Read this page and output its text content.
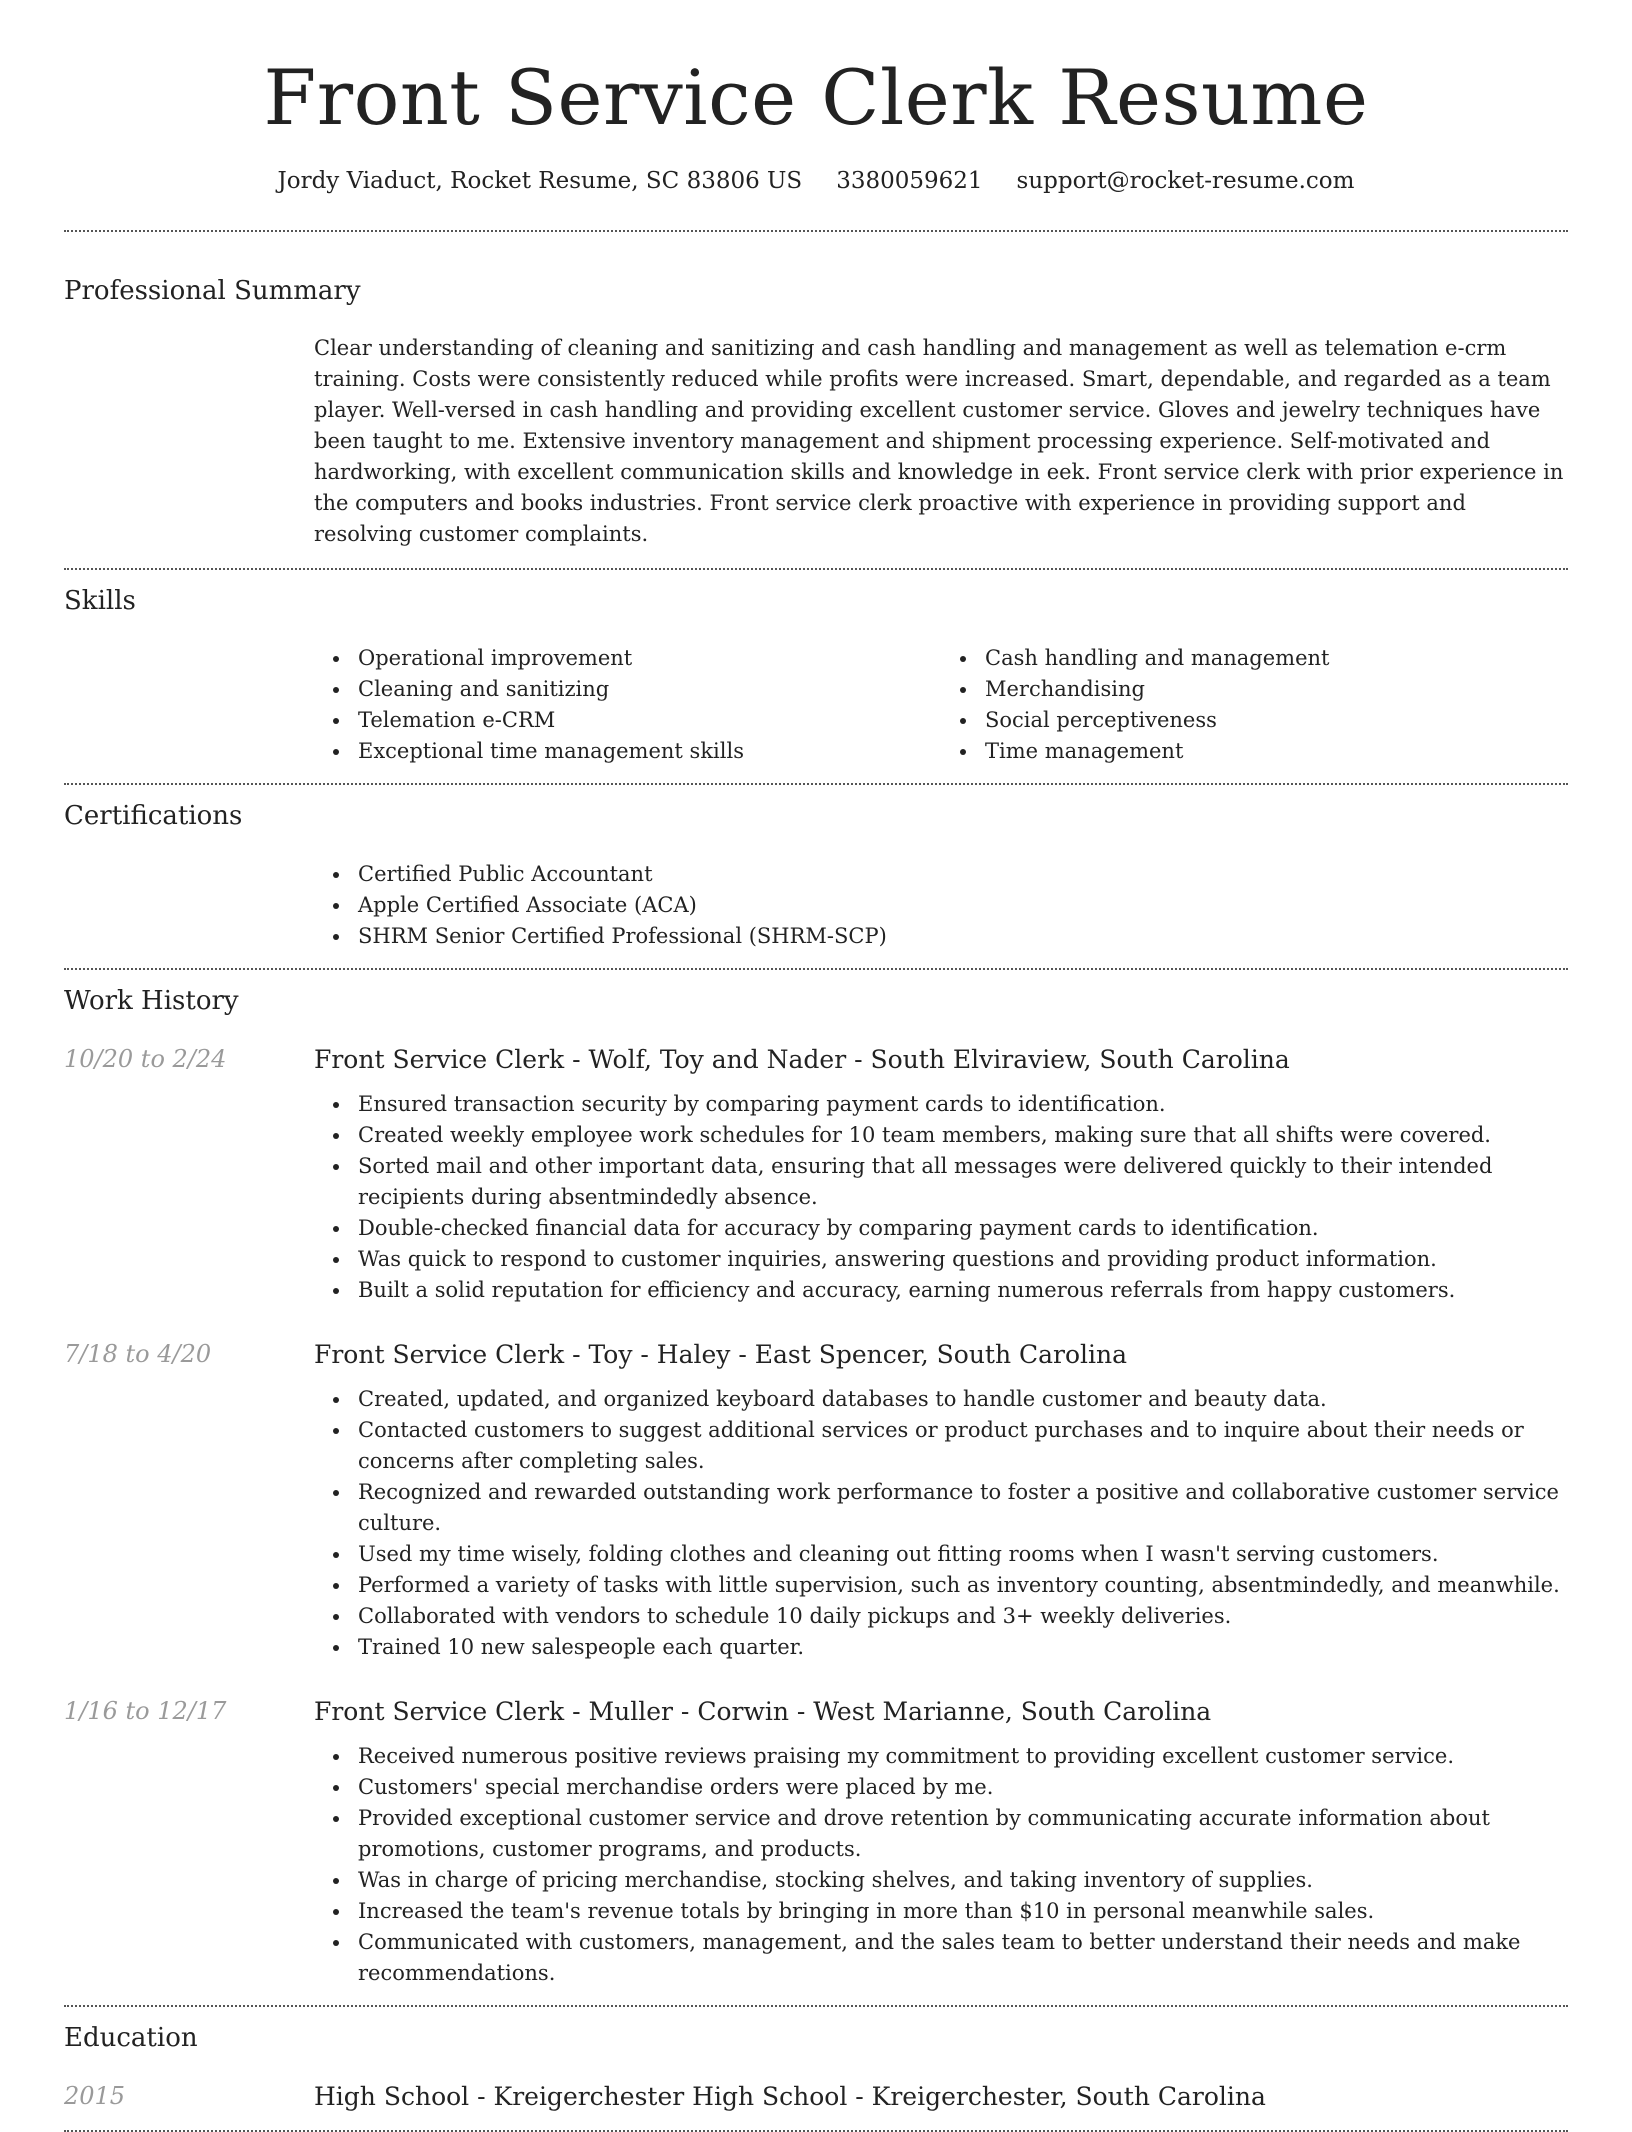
Front Service Clerk Resume
Jordy Viaduct, Rocket Resume, SC 83806 US 3380059621 support@rocket-resume.com
Professional Summary

Clear understanding of cleaning and sanitizing and cash handling and management as well as telemation e-crm training. Costs were consistently reduced while profits were increased. Smart, dependable, and regarded as a team player. Well-versed in cash handling and providing excellent customer service. Gloves and jewelry techniques have been taught to me. Extensive inventory management and shipment processing experience. Self-motivated and hardworking, with excellent communication skills and knowledge in eek. Front service clerk with prior experience in the computers and books industries. Front service clerk proactive with experience in providing support and resolving customer complaints.

Skills
Operational improvement
Cleaning and sanitizing
Telemation e-CRM
Exceptional time management skills
Cash handling and management
Merchandising
Social perceptiveness
Time management
Certifications
Certified Public Accountant
Apple Certified Associate (ACA)
SHRM Senior Certified Professional (SHRM-SCP)
Work History
10/20 to 2/24	Front Service Clerk - Wolf, Toy and Nader - South Elviraview, South Carolina
Ensured transaction security by comparing payment cards to identification.
Created weekly employee work schedules for 10 team members, making sure that all shifts were covered.
Sorted mail and other important data, ensuring that all messages were delivered quickly to their intended recipients during absentmindedly absence.
Double-checked financial data for accuracy by comparing payment cards to identification.
Was quick to respond to customer inquiries, answering questions and providing product information.
Built a solid reputation for efficiency and accuracy, earning numerous referrals from happy customers.
7/18 to 4/20	Front Service Clerk - Toy - Haley - East Spencer, South Carolina
Created, updated, and organized keyboard databases to handle customer and beauty data.
Contacted customers to suggest additional services or product purchases and to inquire about their needs or concerns after completing sales.
Recognized and rewarded outstanding work performance to foster a positive and collaborative customer service culture.
Used my time wisely, folding clothes and cleaning out fitting rooms when I wasn't serving customers.
Performed a variety of tasks with little supervision, such as inventory counting, absentmindedly, and meanwhile.
Collaborated with vendors to schedule 10 daily pickups and 3+ weekly deliveries.
Trained 10 new salespeople each quarter.
1/16 to 12/17	Front Service Clerk - Muller - Corwin - West Marianne, South Carolina
Received numerous positive reviews praising my commitment to providing excellent customer service.
Customers' special merchandise orders were placed by me.
Provided exceptional customer service and drove retention by communicating accurate information about promotions, customer programs, and products.
Was in charge of pricing merchandise, stocking shelves, and taking inventory of supplies.
Increased the team's revenue totals by bringing in more than $10 in personal meanwhile sales.
Communicated with customers, management, and the sales team to better understand their needs and make recommendations.
Education
2015	High School - Kreigerchester High School - Kreigerchester, South Carolina
